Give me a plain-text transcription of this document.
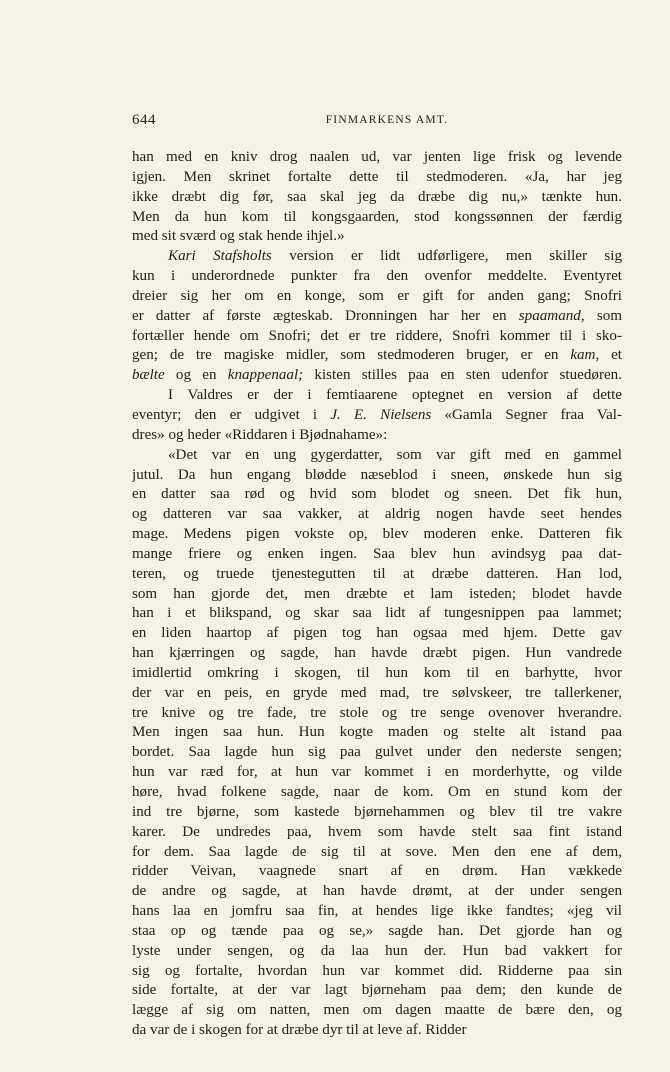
644	FINMARKENS AMT.
han med en kniv drog naalen ud, var jenten lige frisk og levende
igjen. Men skrinet fortalte dette til stedmoderen. «Ja, har jeg
ikke dræbt dig før, saa skal jeg da dræbe dig nu,» tænkte hun.
Men da hun kom til kongsgaarden, stod kongssønnen der færdig
med sit sværd og stak hende ihjel.»
Kari Stafsholts version er lidt udførligere, men skiller sig
kun i underordnede punkter fra den ovenfor meddelte. Eventyret
dreier sig her om en konge, som er gift for anden gang; Snofri
er datter af første ægteskab. Dronningen har her en spaamand, som
fortæller hende om Snofri; det er tre riddere, Snofri kommer til i sko-
gen; de tre magiske midler, som stedmoderen bruger, er en kam, et
bælte og en knappenaal; kisten stilles paa en sten udenfor stuedøren.
I Valdres er der i femtiaarene optegnet en version af dette
eventyr; den er udgivet i J. E. Nielsens «Gamla Segner fraa Val-
dres» og heder «Riddaren i Bjødnahame»:
«Det var en ung gygerdatter, som var gift med en gammel
jutul. Da hun engang blødde næseblod i sneen, ønskede hun sig
en datter saa rød og hvid som blodet og sneen. Det fik hun,
og datteren var saa vakker, at aldrig nogen havde seet hendes
mage. Medens pigen vokste op, blev moderen enke. Datteren fik
mange friere og enken ingen. Saa blev hun avindsyg paa dat-
teren, og truede tjenestegutten til at dræbe datteren. Han lod,
som han gjorde det, men dræbte et lam isteden; blodet havde
han i et blikspand, og skar saa lidt af tungesnippen paa lammet;
en liden haartop af pigen tog han ogsaa med hjem. Dette gav
han kjærringen og sagde, han havde dræbt pigen. Hun vandrede
imidlertid omkring i skogen, til hun kom til en barhytte, hvor
der var en peis, en gryde med mad, tre sølvskeer, tre tallerkener,
tre knive og tre fade, tre stole og tre senge ovenover hverandre.
Men ingen saa hun. Hun kogte maden og stelte alt istand paa
bordet. Saa lagde hun sig paa gulvet under den nederste sengen;
hun var ræd for, at hun var kommet i en morderhytte, og vilde
høre, hvad folkene sagde, naar de kom. Om en stund kom der
ind tre bjørne, som kastede bjørnehammen og blev til tre vakre
karer. De undredes paa, hvem som havde stelt saa fint istand
for dem. Saa lagde de sig til at sove. Men den ene af dem,
ridder Veivan, vaagnede snart af en drøm. Han vækkede
de andre og sagde, at han havde drømt, at der under sengen
hans laa en jomfru saa fin, at hendes lige ikke fandtes; «jeg vil
staa op og tænde paa og se,» sagde han. Det gjorde han og
lyste under sengen, og da laa hun der. Hun bad vakkert for
sig og fortalte, hvordan hun var kommet did. Ridderne paa sin
side fortalte, at der var lagt bjørneham paa dem; den kunde de
lægge af sig om natten, men om dagen maatte de bære den, og
da var de i skogen for at dræbe dyr til at leve af. Ridder
